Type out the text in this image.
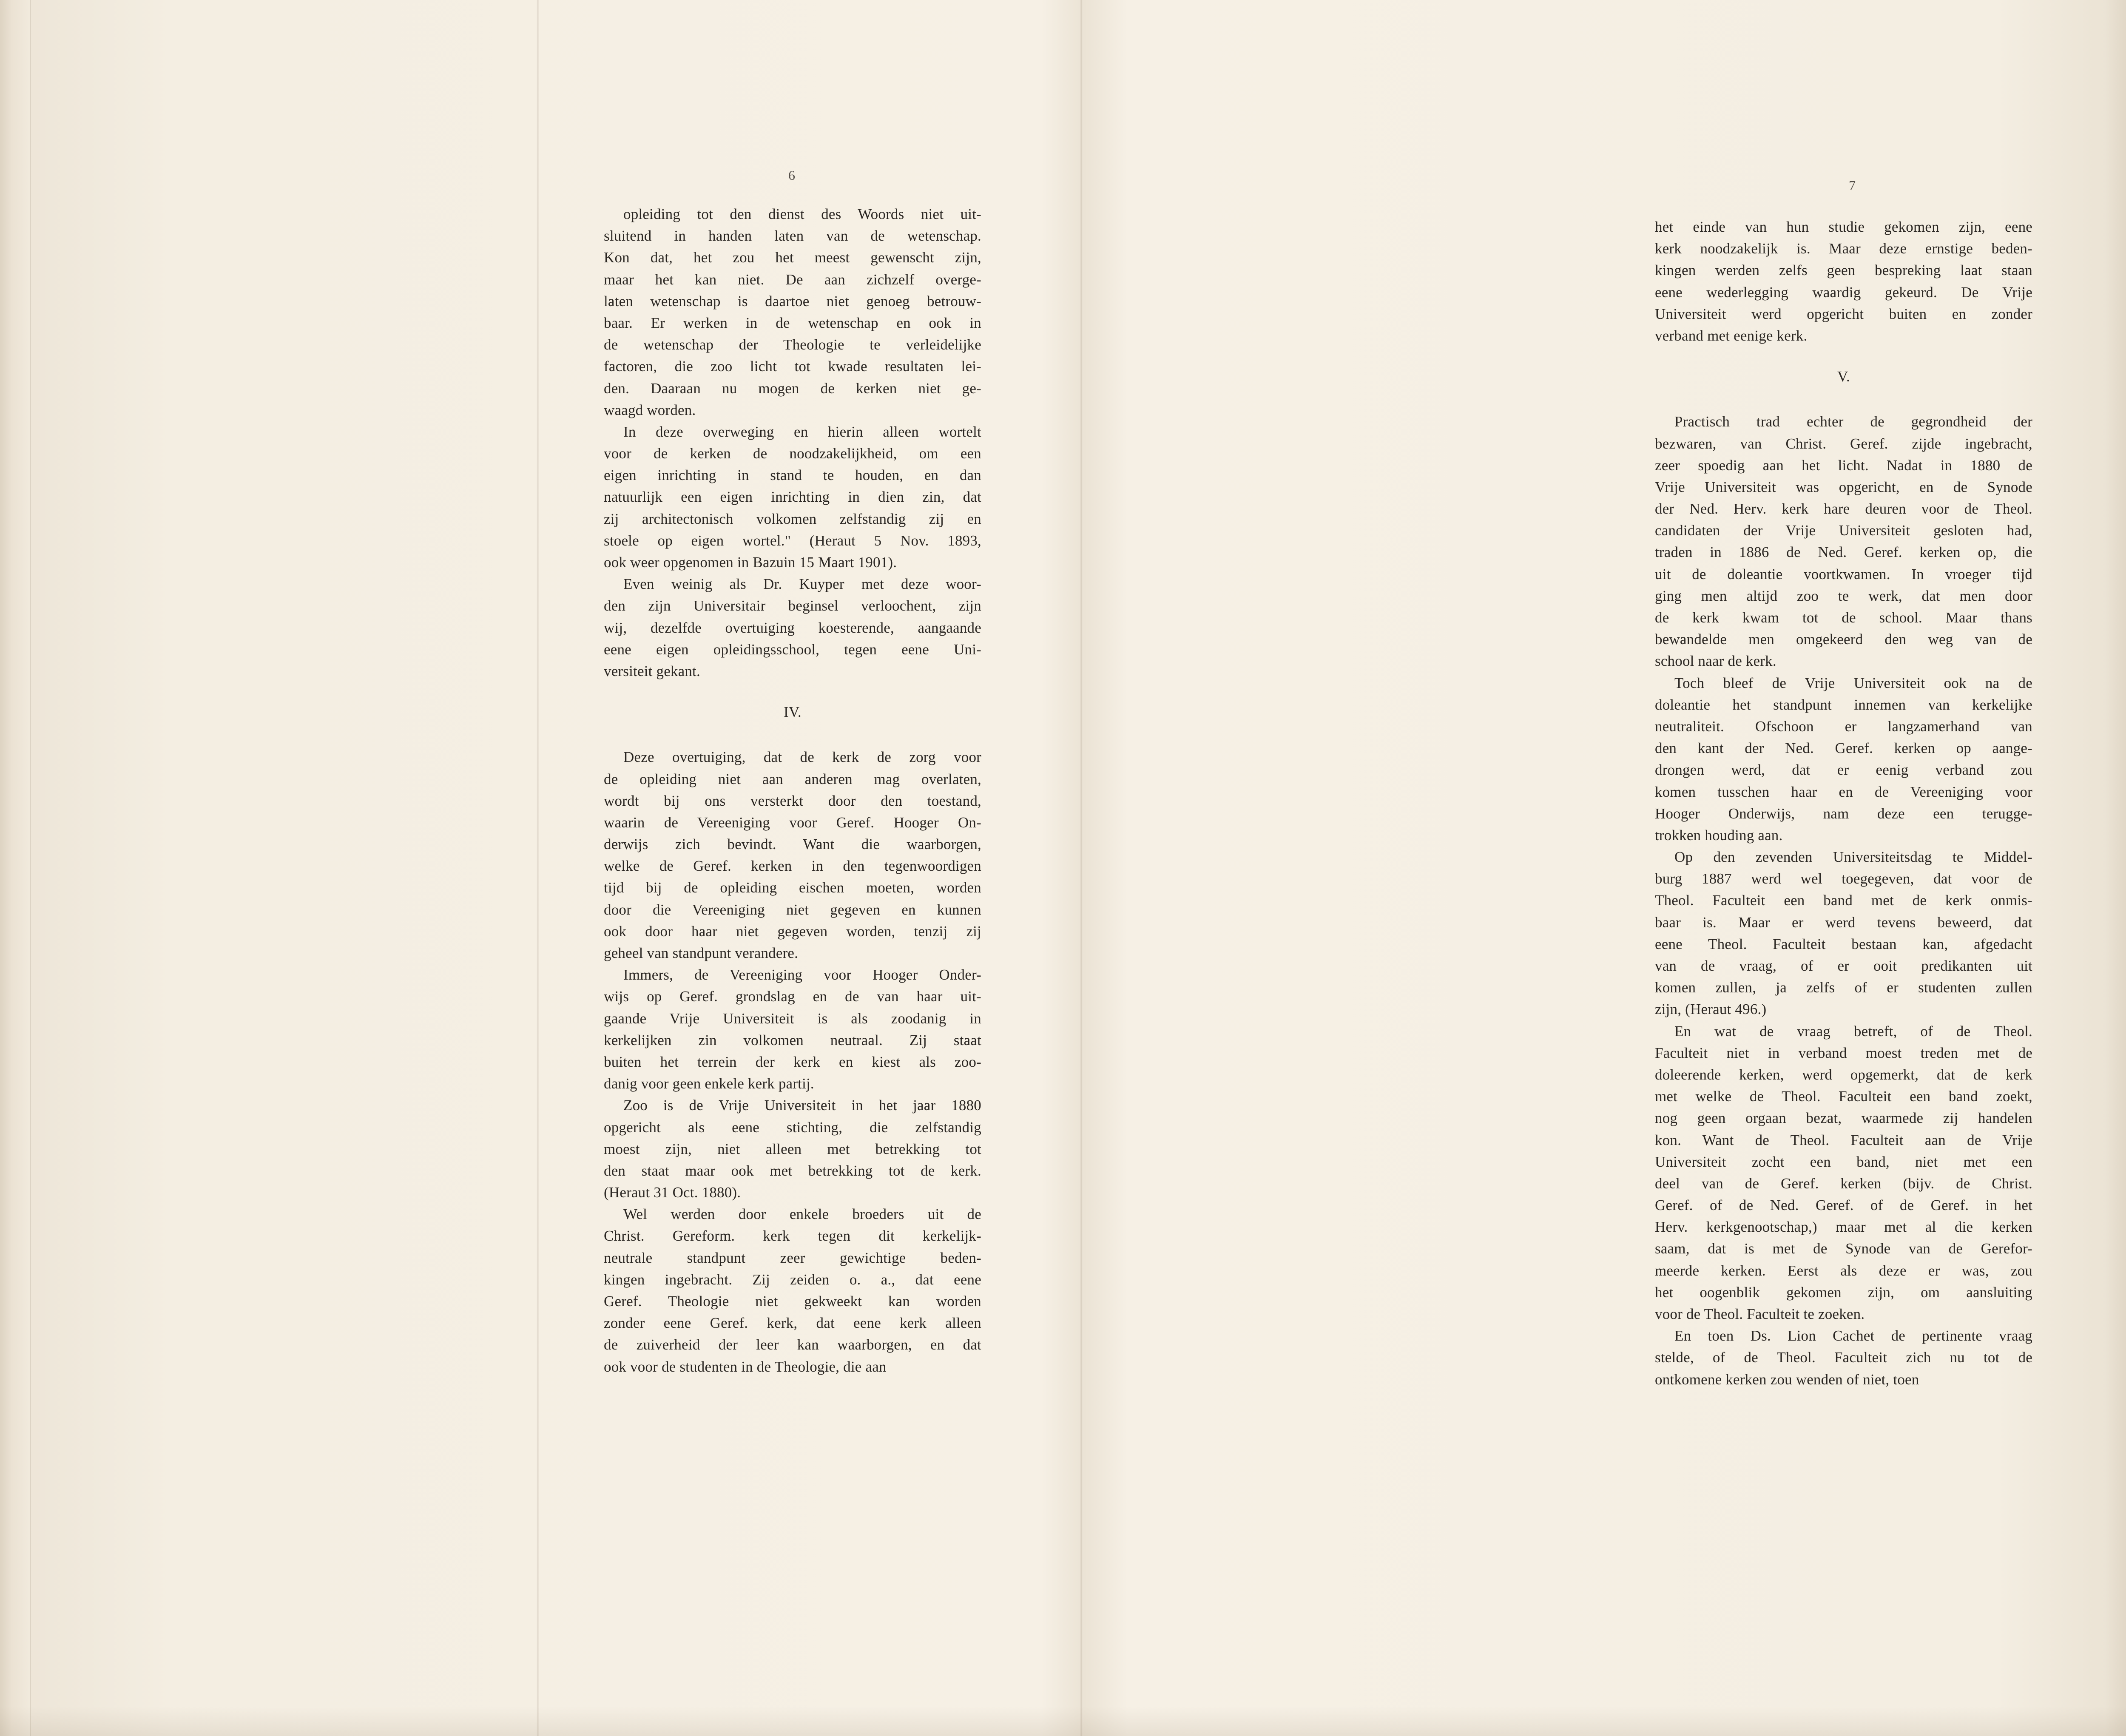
6
opleiding tot den dienst des Woords niet uit-
sluitend in handen laten van de wetenschap.
Kon dat, het zou het meest gewenscht zijn,
maar het kan niet. De aan zichzelf overge-
laten wetenschap is daartoe niet genoeg betrouw-
baar. Er werken in de wetenschap en ook in
de wetenschap der Theologie te verleidelijke
factoren, die zoo licht tot kwade resultaten lei-
den. Daaraan nu mogen de kerken niet ge-
waagd worden.
In deze overweging en hierin alleen wortelt
voor de kerken de noodzakelijkheid, om een
eigen inrichting in stand te houden, en dan
natuurlijk een eigen inrichting in dien zin, dat
zij architectonisch volkomen zelfstandig zij en
stoele op eigen wortel." (Heraut 5 Nov. 1893,
ook weer opgenomen in Bazuin 15 Maart 1901).
Even weinig als Dr. Kuyper met deze woor-
den zijn Universitair beginsel verloochent, zijn
wij, dezelfde overtuiging koesterende, aangaande
eene eigen opleidingsschool, tegen eene Uni-
versiteit gekant.
IV.
Deze overtuiging, dat de kerk de zorg voor
de opleiding niet aan anderen mag overlaten,
wordt bij ons versterkt door den toestand,
waarin de Vereeniging voor Geref. Hooger On-
derwijs zich bevindt. Want die waarborgen,
welke de Geref. kerken in den tegenwoordigen
tijd bij de opleiding eischen moeten, worden
door die Vereeniging niet gegeven en kunnen
ook door haar niet gegeven worden, tenzij zij
geheel van standpunt verandere.
Immers, de Vereeniging voor Hooger Onder-
wijs op Geref. grondslag en de van haar uit-
gaande Vrije Universiteit is als zoodanig in
kerkelijken zin volkomen neutraal. Zij staat
buiten het terrein der kerk en kiest als zoo-
danig voor geen enkele kerk partij.
Zoo is de Vrije Universiteit in het jaar 1880
opgericht als eene stichting, die zelfstandig
moest zijn, niet alleen met betrekking tot
den staat maar ook met betrekking tot de kerk.
(Heraut 31 Oct. 1880).
Wel werden door enkele broeders uit de
Christ. Gereform. kerk tegen dit kerkelijk-
neutrale standpunt zeer gewichtige beden-
kingen ingebracht. Zij zeiden o. a., dat eene
Geref. Theologie niet gekweekt kan worden
zonder eene Geref. kerk, dat eene kerk alleen
de zuiverheid der leer kan waarborgen, en dat
ook voor de studenten in de Theologie, die aan
7
het einde van hun studie gekomen zijn, eene
kerk noodzakelijk is. Maar deze ernstige beden-
kingen werden zelfs geen bespreking laat staan
eene wederlegging waardig gekeurd. De Vrije
Universiteit werd opgericht buiten en zonder
verband met eenige kerk.
V.
Practisch trad echter de gegrondheid der
bezwaren, van Christ. Geref. zijde ingebracht,
zeer spoedig aan het licht. Nadat in 1880 de
Vrije Universiteit was opgericht, en de Synode
der Ned. Herv. kerk hare deuren voor de Theol.
candidaten der Vrije Universiteit gesloten had,
traden in 1886 de Ned. Geref. kerken op, die
uit de doleantie voortkwamen. In vroeger tijd
ging men altijd zoo te werk, dat men door
de kerk kwam tot de school. Maar thans
bewandelde men omgekeerd den weg van de
school naar de kerk.
Toch bleef de Vrije Universiteit ook na de
doleantie het standpunt innemen van kerkelijke
neutraliteit. Ofschoon er langzamerhand van
den kant der Ned. Geref. kerken op aange-
drongen werd, dat er eenig verband zou
komen tusschen haar en de Vereeniging voor
Hooger Onderwijs, nam deze een terugge-
trokken houding aan.
Op den zevenden Universiteitsdag te Middel-
burg 1887 werd wel toegegeven, dat voor de
Theol. Faculteit een band met de kerk onmis-
baar is. Maar er werd tevens beweerd, dat
eene Theol. Faculteit bestaan kan, afgedacht
van de vraag, of er ooit predikanten uit
komen zullen, ja zelfs of er studenten zullen
zijn, (Heraut 496.)
En wat de vraag betreft, of de Theol.
Faculteit niet in verband moest treden met de
doleerende kerken, werd opgemerkt, dat de kerk
met welke de Theol. Faculteit een band zoekt,
nog geen orgaan bezat, waarmede zij handelen
kon. Want de Theol. Faculteit aan de Vrije
Universiteit zocht een band, niet met een
deel van de Geref. kerken (bijv. de Christ.
Geref. of de Ned. Geref. of de Geref. in het
Herv. kerkgenootschap,) maar met al die kerken
saam, dat is met de Synode van de Gerefor-
meerde kerken. Eerst als deze er was, zou
het oogenblik gekomen zijn, om aansluiting
voor de Theol. Faculteit te zoeken.
En toen Ds. Lion Cachet de pertinente vraag
stelde, of de Theol. Faculteit zich nu tot de
ontkomene kerken zou wenden of niet, toen
